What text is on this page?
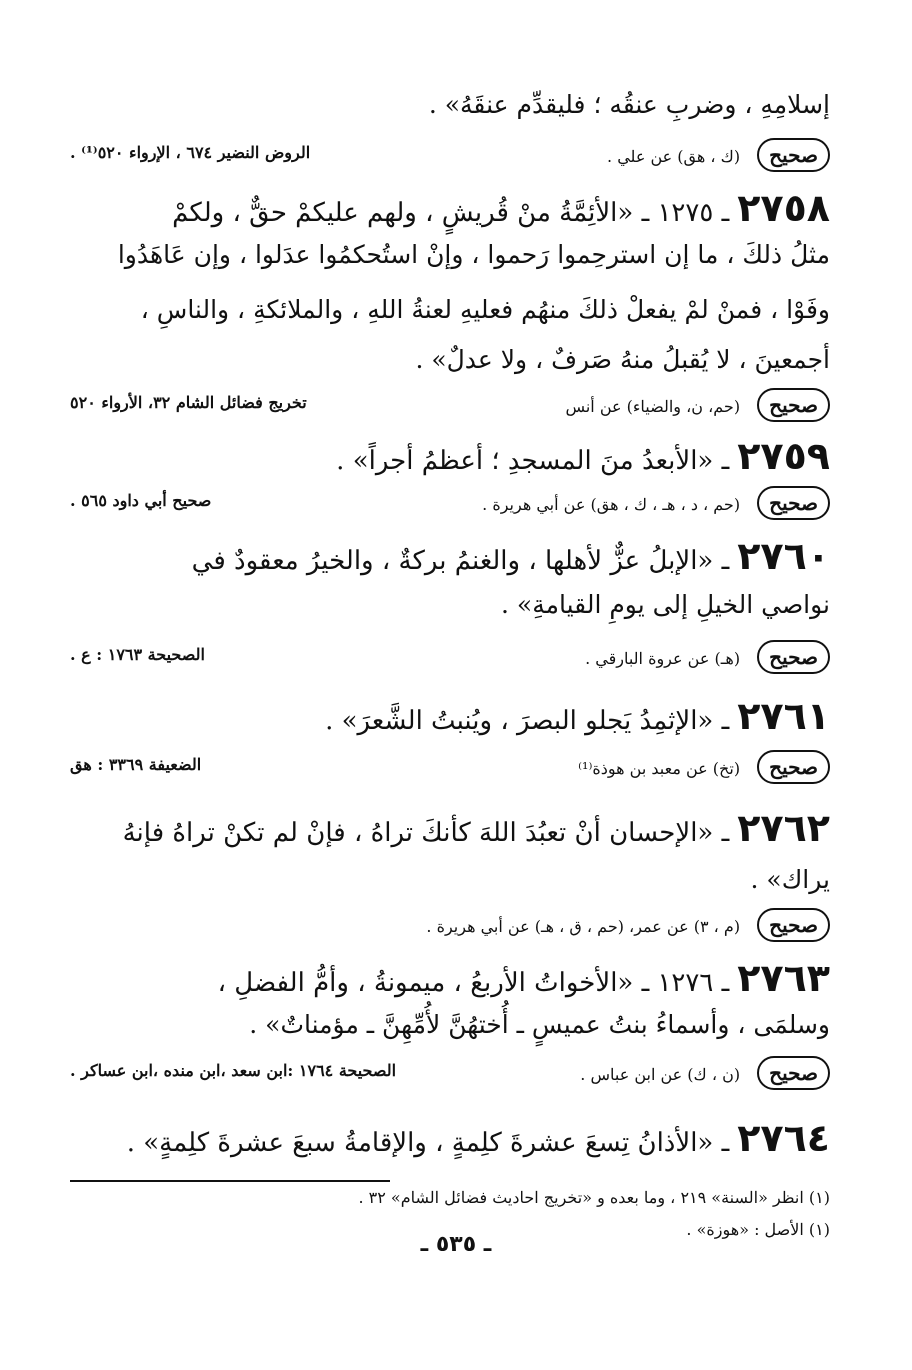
إسلامِهِ ، وضربِ عنقُه ؛ فليقدِّم عنقَهُ» .
صحيح (ك ، هق) عن علي .
الروض النضير ٦٧٤ ، الإرواء ٥٢٠⁽¹⁾ .
٢٧٥٨ـ ١٢٧٥ ـ «الأئِمَّةُ منْ قُريشٍ ، ولهم عليكمْ حقٌّ ، ولكمْ
مثلُ ذلكَ ، ما إن استرحِموا رَحموا ، وإنْ استُحكمُوا عدَلوا ، وإن عَاهَدُوا
وفَوْا ، فمنْ لمْ يفعلْ ذلكَ منهُم فعليهِ لعنةُ اللهِ ، والملائكةِ ، والناسِ ،
أجمعينَ ، لا يُقبلُ منهُ صَرفٌ ، ولا عدلٌ» .
صحيح (حم، ن، والضياء) عن أنس
تخريج فضائل الشام ٣٢، الأرواء ٥٢٠
٢٧٥٩ـ «الأبعدُ منَ المسجدِ ؛ أعظمُ أجراً» .
صحيح (حم ، د ، هـ ، ك ، هق) عن أبي هريرة .
صحيح أبي داود ٥٦٥ .
٢٧٦٠ـ «الإبلُ عزٌّ لأهلها ، والغنمُ بركةٌ ، والخيرُ معقودٌ في
نواصي الخيلِ إلى يومِ القيامةِ» .
صحيح (هـ) عن عروة البارقي .
الصحيحة ١٧٦٣ : ع .
٢٧٦١ـ «الإثمِدُ يَجلو البصرَ ، ويُنبتُ الشَّعرَ» .
صحيح (تخ) عن معبد بن هوذة⁽¹⁾
الضعيفة ٣٣٦٩ : هق
٢٧٦٢ـ «الإحسان أنْ تعبُدَ اللهَ كأنكَ تراهُ ، فإنْ لم تكنْ تراهُ فإنهُ
يراك» .
صحيح (م ، ٣) عن عمر، (حم ، ق ، هـ) عن أبي هريرة .
٢٧٦٣ـ ١٢٧٦ ـ «الأخواتُ الأربعُ ، ميمونةُ ، وأمُّ الفضلِ ،
وسلمَى ، وأسماءُ بنتُ عميسٍ ـ أُختهُنَّ لأُمِّهِنَّ ـ مؤمناتٌ» .
صحيح (ن ، ك) عن ابن عباس .
الصحيحة ١٧٦٤ :ابن سعد ،ابن منده ،ابن عساكر .
٢٧٦٤ـ «الأذانُ تِسعَ عشرةَ كلِمةٍ ، والإقامةُ سبعَ عشرةَ كلِمةٍ» .
(١) انظر «السنة» ٢١٩ ، وما بعده و «تخريج احاديث فضائل الشام» ٣٢ .
(١) الأصل : «هوزة» .
ـ ٥٣٥ ـ
